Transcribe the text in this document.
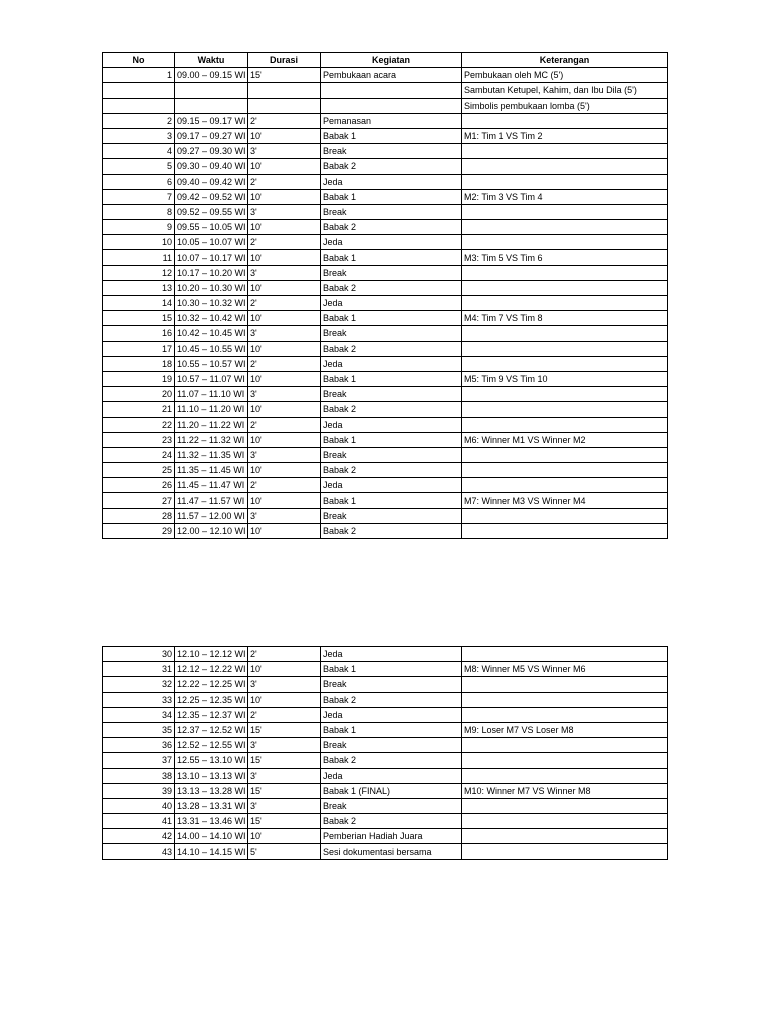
No	Waktu	Durasi	Kegiatan	Keterangan
1	09.00 – 09.15 WI	15'	Pembukaan acara	Pembukaan oleh MC (5')
				Sambutan Ketupel, Kahim, dan Ibu Dila (5')
				Simbolis pembukaan lomba (5')
2	09.15 – 09.17 WI	2'	Pemanasan	
3	09.17 – 09.27 WI	10'	Babak 1	M1: Tim 1 VS Tim 2
4	09.27 – 09.30 WI	3'	Break	
5	09.30 – 09.40 WI	10'	Babak 2	
6	09.40 – 09.42 WI	2'	Jeda	
7	09.42 – 09.52 WI	10'	Babak 1	M2: Tim 3 VS Tim 4
8	09.52 – 09.55 WI	3'	Break	
9	09.55 – 10.05 WI	10'	Babak 2	
10	10.05 – 10.07 WI	2'	Jeda	
11	10.07 – 10.17 WI	10'	Babak 1	M3: Tim 5 VS Tim 6
12	10.17 – 10.20 WI	3'	Break	
13	10.20 – 10.30 WI	10'	Babak 2	
14	10.30 – 10.32 WI	2'	Jeda	
15	10.32 – 10.42 WI	10'	Babak 1	M4: Tim 7 VS Tim 8
16	10.42 – 10.45 WI	3'	Break	
17	10.45 – 10.55 WI	10'	Babak 2	
18	10.55 – 10.57 WI	2'	Jeda	
19	10.57 – 11.07 WI	10'	Babak 1	M5: Tim 9 VS Tim 10
20	11.07 – 11.10 WI	3'	Break	
21	11.10 – 11.20 WI	10'	Babak 2	
22	11.20 – 11.22 WI	2'	Jeda	
23	11.22 – 11.32 WI	10'	Babak 1	M6: Winner M1 VS Winner M2
24	11.32 – 11.35 WI	3'	Break	
25	11.35 – 11.45 WI	10'	Babak 2	
26	11.45 – 11.47 WI	2'	Jeda	
27	11.47 – 11.57 WI	10'	Babak 1	M7: Winner M3 VS Winner M4
28	11.57 – 12.00 WI	3'	Break	
29	12.00 – 12.10 WI	10'	Babak 2	
30	12.10 – 12.12 WI	2'	Jeda	
31	12.12 – 12.22 WI	10'	Babak 1	M8: Winner M5 VS Winner M6
32	12.22 – 12.25 WI	3'	Break	
33	12.25 – 12.35 WI	10'	Babak 2	
34	12.35 – 12.37 WI	2'	Jeda	
35	12.37 – 12.52 WI	15'	Babak 1	M9: Loser M7 VS Loser M8
36	12.52 – 12.55 WI	3'	Break	
37	12.55 – 13.10 WI	15'	Babak 2	
38	13.10 – 13.13 WI	3'	Jeda	
39	13.13 – 13.28 WI	15'	Babak 1 (FINAL)	M10: Winner M7 VS Winner M8
40	13.28 – 13.31 WI	3'	Break	
41	13.31 – 13.46 WI	15'	Babak 2	
42	14.00 – 14.10 WI	10'	Pemberian Hadiah Juara	
43	14.10 – 14.15 WI	5'	Sesi dokumentasi bersama	
